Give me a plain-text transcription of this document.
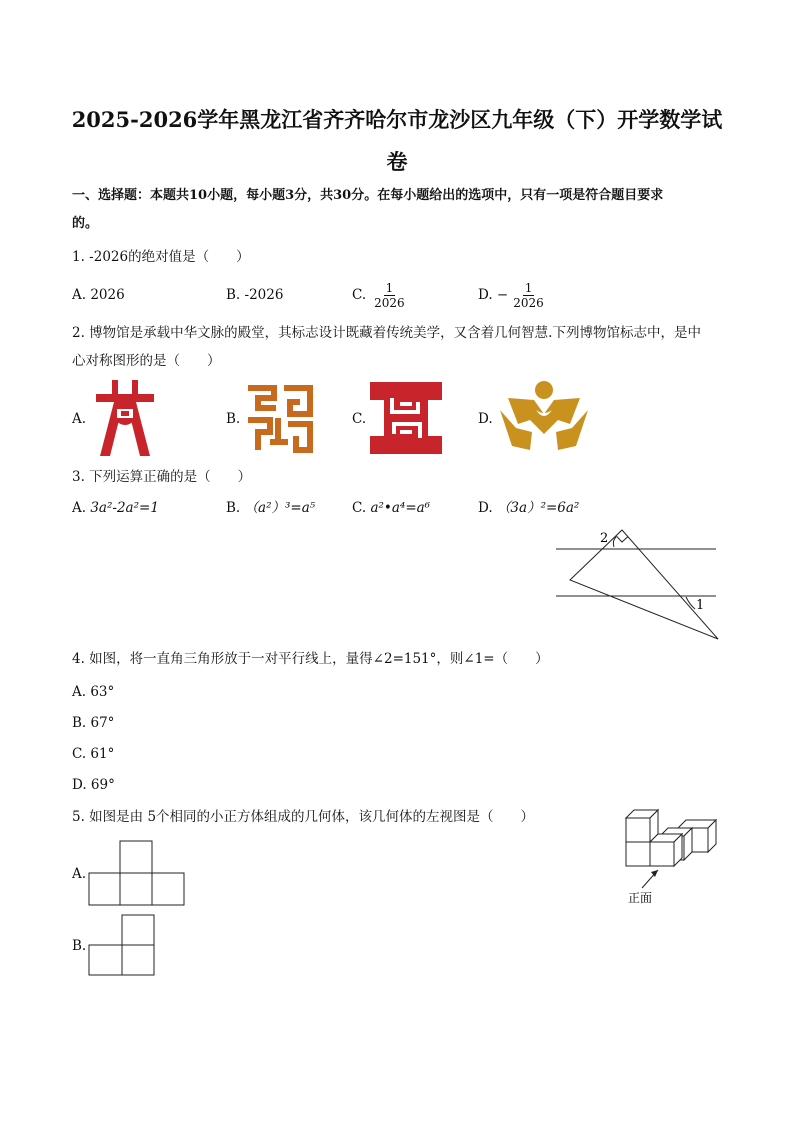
2025-2026学年黑龙江省齐齐哈尔市龙沙区九年级（下）开学数学试
卷
一、选择题：本题共10小题，每小题3分，共30分。在每小题给出的选项中，只有一项是符合题目要求
的。
1. -2026的绝对值是（　　）
A. 2026	B. -2026	C. $\frac{1}{2026}$	D. − $\frac{1}{2026}$
2. 博物馆是承载中华文脉的殿堂，其标志设计既藏着传统美学，又含着几何智慧.下列博物馆标志中，是中
心对称图形的是（　　）
A.	B.	C.	D.
3. 下列运算正确的是（　　）
A. 3a²-2a²=1	B. （a²）³=a⁵	C. a²•a⁴=a⁶	D. （3a）²=6a²
2
1
4. 如图，将一直角三角形放于一对平行线上，量得∠2=151°，则∠1=（　　）
A. 63°
B. 67°
C. 61°
D. 69°
5. 如图是由 5个相同的小正方体组成的几何体，该几何体的左视图是（　　）
正面
A.
B.
